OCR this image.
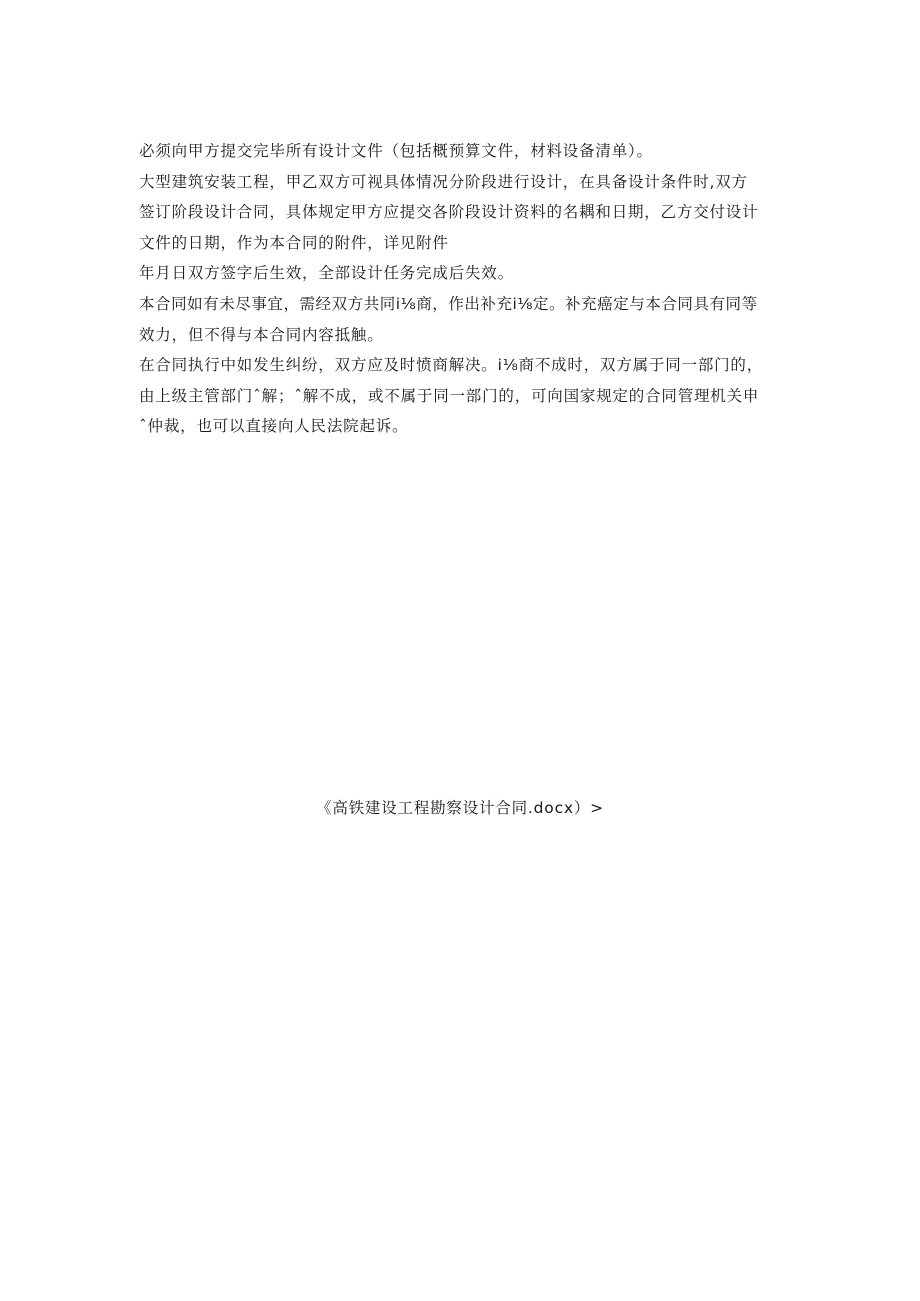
必须向甲方提交完毕所有设计文件（包括概预算文件，材料设备清单）。
大型建筑安装工程，甲乙双方可视具体情况分阶段进行设计，在具备设计条件时,双方
签订阶段设计合同，具体规定甲方应提交各阶段设计资料的名耦和日期，乙方交付设计
文件的日期，作为本合同的附件，详见附件
年月日双方签字后生效，全部设计任务完成后失效。
本合同如有未尽事宜，需经双方共同i⅛商，作出补充i⅛定。补充癌定与本合同具有同等
效力，但不得与本合同内容抵触。
在合同执行中如发生纠纷，双方应及时愤商解决。i⅛商不成时，双方属于同一部门的，
由上级主管部门ˆ解；ˆ解不成，或不属于同一部门的，可向国家规定的合同管理机关申
ˆ仲裁，也可以直接向人民法院起诉。
《高铁建设工程勘察设计合同.docx）>
